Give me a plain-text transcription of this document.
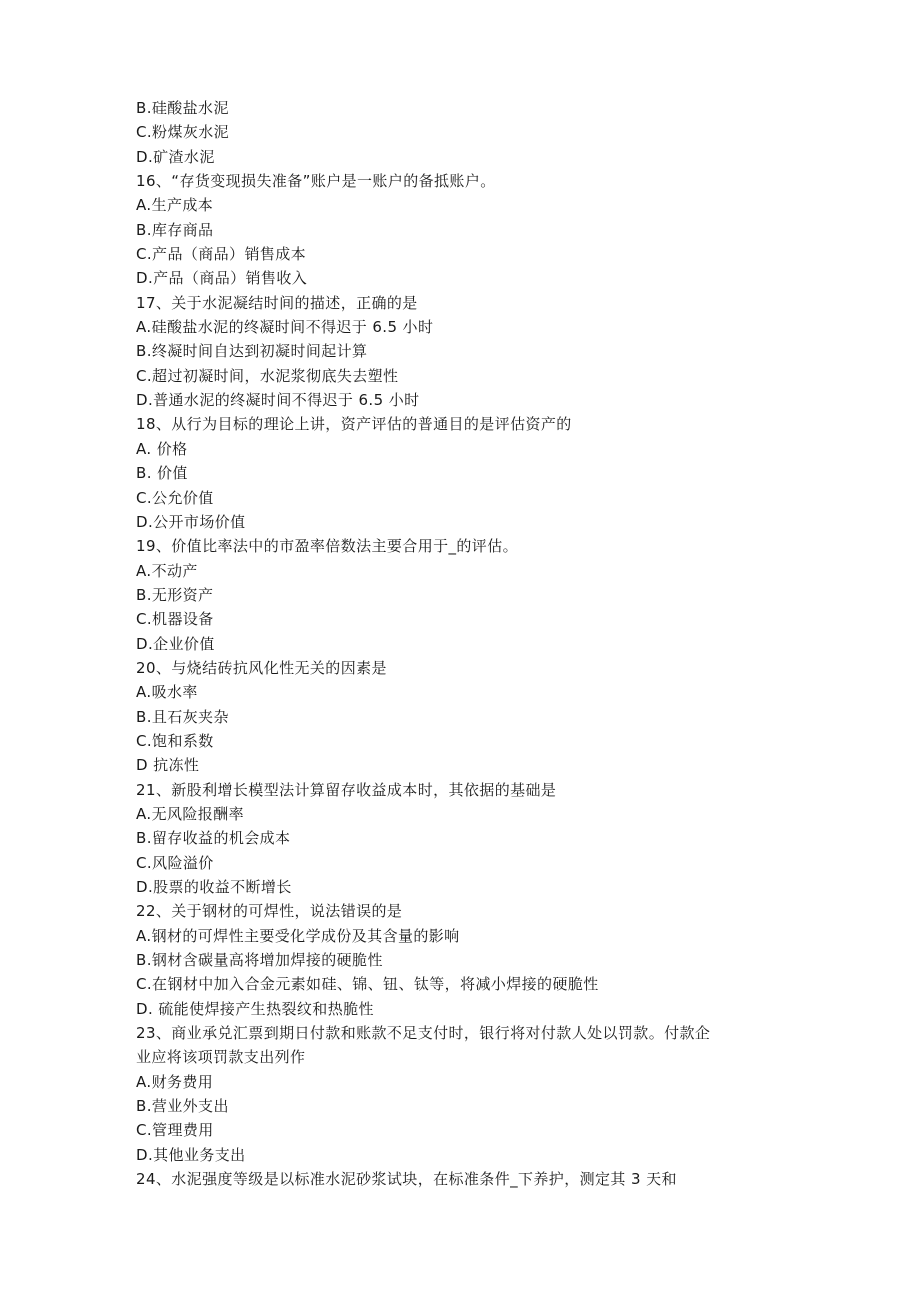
B.硅酸盐水泥
C.粉煤灰水泥
D.矿渣水泥
16、“存货变现损失准备”账户是一账户的备抵账户。
A.生产成本
B.库存商品
C.产品（商品）销售成本
D.产品（商品）销售收入
17、关于水泥凝结时间的描述，正确的是
A.硅酸盐水泥的终凝时间不得迟于 6.5 小时
B.终凝时间自达到初凝时间起计算
C.超过初凝时间，水泥浆彻底失去塑性
D.普通水泥的终凝时间不得迟于 6.5 小时
18、从行为目标的理论上讲，资产评估的普通目的是评估资产的
A. 价格
B. 价值
C.公允价值
D.公开市场价值
19、价值比率法中的市盈率倍数法主要合用于_的评估。
A.不动产
B.无形资产
C.机器设备
D.企业价值
20、与烧结砖抗风化性无关的因素是
A.吸水率
B.且石灰夹杂
C.饱和系数
D 抗冻性
21、新股利增长模型法计算留存收益成本时，其依据的基础是
A.无风险报酬率
B.留存收益的机会成本
C.风险溢价
D.股票的收益不断增长
22、关于钢材的可焊性，说法错误的是
A.钢材的可焊性主要受化学成份及其含量的影响
B.钢材含碳量高将增加焊接的硬脆性
C.在钢材中加入合金元素如硅、锦、钮、钛等，将减小焊接的硬脆性
D. 硫能使焊接产生热裂纹和热脆性
23、商业承兑汇票到期日付款和账款不足支付时，银行将对付款人处以罚款。付款企
业应将该项罚款支出列作
A.财务费用
B.营业外支出
C.管理费用
D.其他业务支出
24、水泥强度等级是以标准水泥砂浆试块，在标准条件_下养护，测定其 3 天和
